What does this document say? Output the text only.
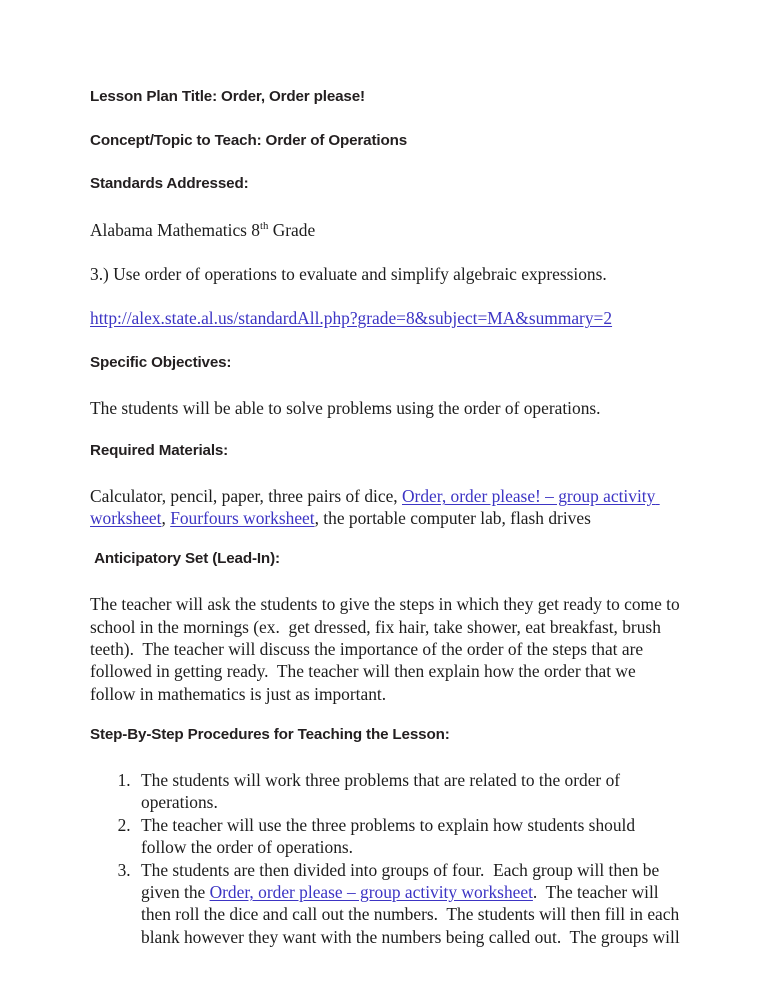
Lesson Plan Title: Order, Order please!

Concept/Topic to Teach: Order of Operations

Standards Addressed:

Alabama Mathematics 8th Grade

3.) Use order of operations to evaluate and simplify algebraic expressions.

http://alex.state.al.us/standardAll.php?grade=8&subject=MA&summary=2

Specific Objectives:

The students will be able to solve problems using the order of operations.

Required Materials:

Calculator, pencil, paper, three pairs of dice, Order, order please! – group activity worksheet, Fourfours worksheet, the portable computer lab, flash drives

Anticipatory Set (Lead-In):

The teacher will ask the students to give the steps in which they get ready to come to school in the mornings (ex.  get dressed, fix hair, take shower, eat breakfast, brush teeth).  The teacher will discuss the importance of the order of the steps that are followed in getting ready.  The teacher will then explain how the order that we follow in mathematics is just as important.

Step-By-Step Procedures for Teaching the Lesson:

1. The students will work three problems that are related to the order of operations.
2. The teacher will use the three problems to explain how students should follow the order of operations.
3. The students are then divided into groups of four.  Each group will then be given the Order, order please – group activity worksheet.  The teacher will then roll the dice and call out the numbers.  The students will then fill in each blank however they want with the numbers being called out.  The groups will
